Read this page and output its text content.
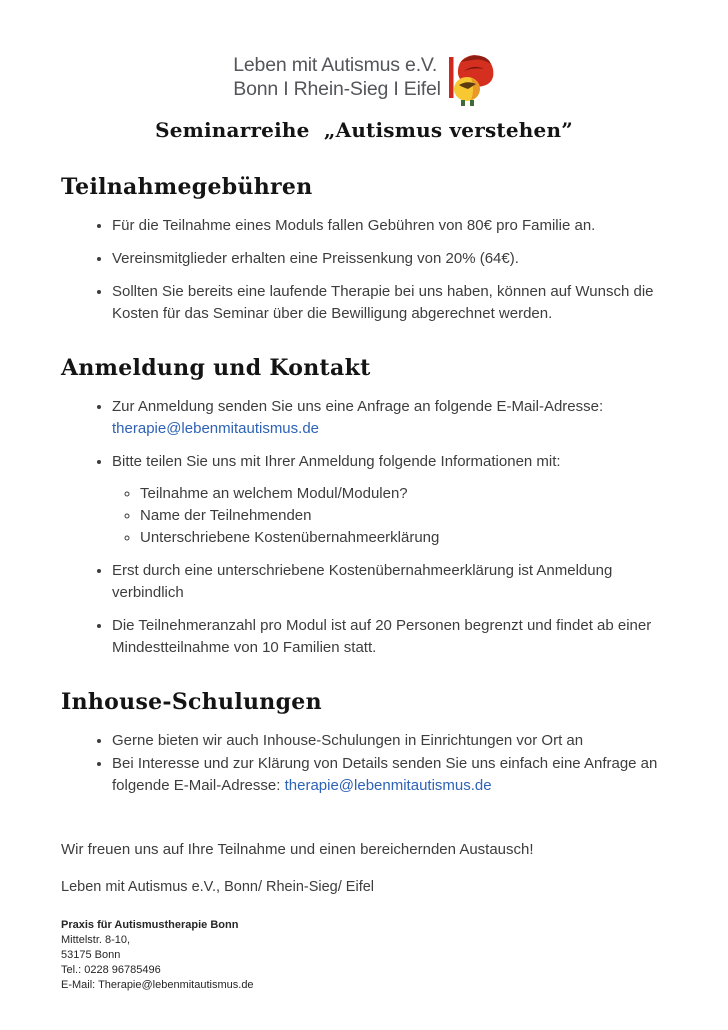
Leben mit Autismus e.V.
Bonn I Rhein-Sieg I Eifel
Seminarreihe  „Autismus verstehen”
Teilnahmegebühren
• Für die Teilnahme eines Moduls fallen Gebühren von 80€ pro Familie an.
• Vereinsmitglieder erhalten eine Preissenkung von 20% (64€).
• Sollten Sie bereits eine laufende Therapie bei uns haben, können auf Wunsch die Kosten für das Seminar über die Bewilligung abgerechnet werden.
Anmeldung und Kontakt
• Zur Anmeldung senden Sie uns eine Anfrage an folgende E-Mail-Adresse:
therapie@lebenmitautismus.de
• Bitte teilen Sie uns mit Ihrer Anmeldung folgende Informationen mit:
◦ Teilnahme an welchem Modul/Modulen?
◦ Name der Teilnehmenden
◦ Unterschriebene Kostenübernahmeerklärung
• Erst durch eine unterschriebene Kostenübernahmeerklärung ist Anmeldung verbindlich
• Die Teilnehmeranzahl pro Modul ist auf 20 Personen begrenzt und findet ab einer Mindestteilnahme von 10 Familien statt.
Inhouse-Schulungen
• Gerne bieten wir auch Inhouse-Schulungen in Einrichtungen vor Ort an
• Bei Interesse und zur Klärung von Details senden Sie uns einfach eine Anfrage an folgende E-Mail-Adresse: therapie@lebenmitautismus.de

Wir freuen uns auf Ihre Teilnahme und einen bereichernden Austausch!

Leben mit Autismus e.V., Bonn/ Rhein-Sieg/ Eifel

Praxis für Autismustherapie Bonn
Mittelstr. 8-10,
53175 Bonn
Tel.: 0228 96785496
E-Mail: Therapie@lebenmitautismus.de
